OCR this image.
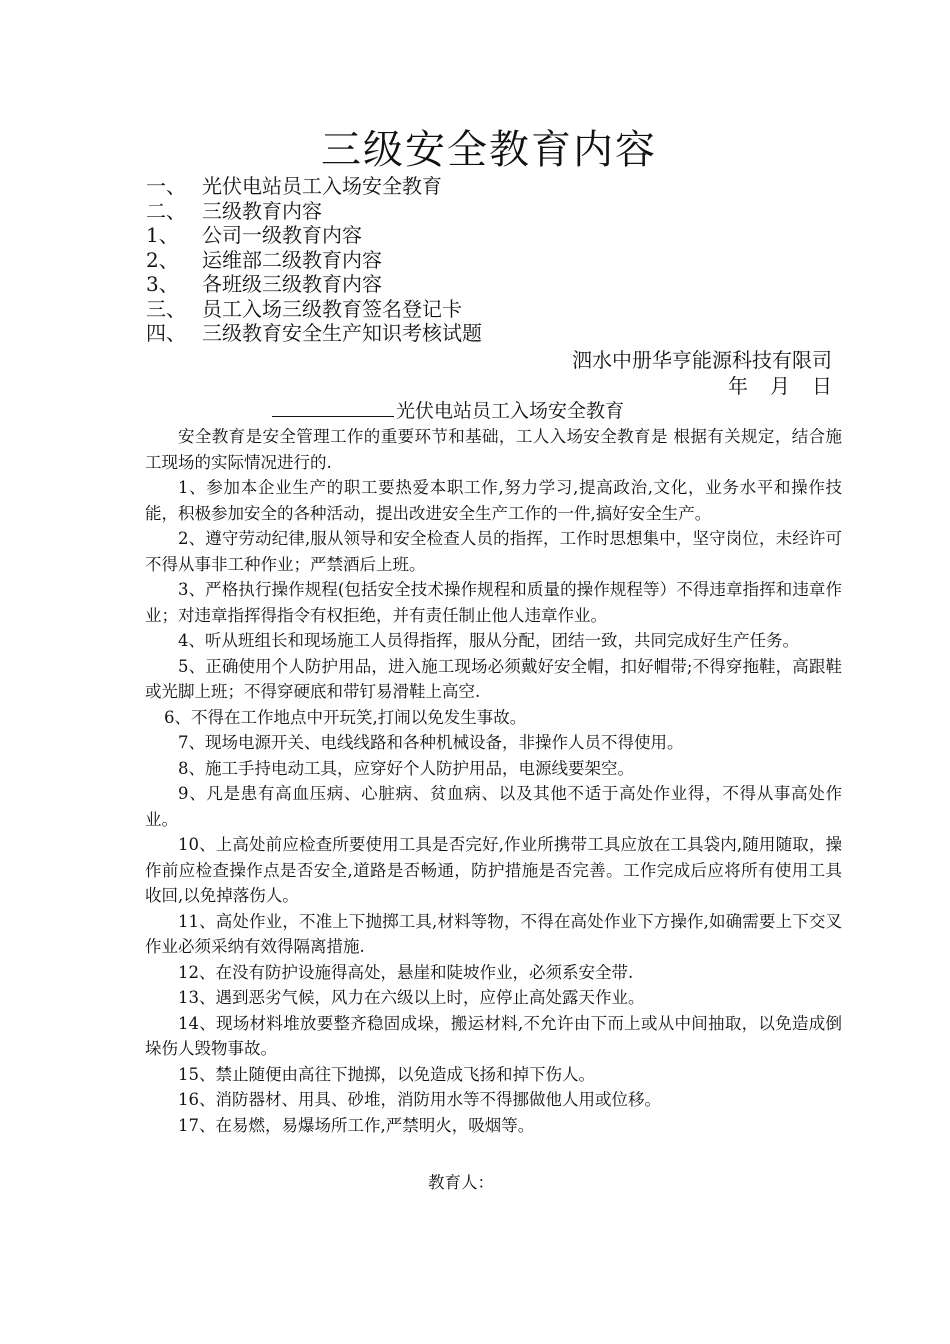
三级安全教育内容
一、 光伏电站员工入场安全教育
二、 三级教育内容
1、 公司一级教育内容
2、 运维部二级教育内容
3、 各班级三级教育内容
三、 员工入场三级教育签名登记卡
四、 三级教育安全生产知识考核试题
泗水中册华亨能源科技有限司
年 月 日
光伏电站员工入场安全教育

安全教育是安全管理工作的重要环节和基础，工人入场安全教育是 根据有关规定，结合施工现场的实际情况进行的.

1、参加本企业生产的职工要热爱本职工作,努力学习,提高政治,文化，业务水平和操作技能，积极参加安全的各种活动，提出改进安全生产工作的一件,搞好安全生产。

2、遵守劳动纪律,服从领导和安全检查人员的指挥，工作时思想集中，坚守岗位，未经许可不得从事非工种作业；严禁酒后上班。

3、严格执行操作规程(包括安全技术操作规程和质量的操作规程等）不得违章指挥和违章作业；对违章指挥得指令有权拒绝，并有责任制止他人违章作业。

4、听从班组长和现场施工人员得指挥，服从分配，团结一致，共同完成好生产任务。

5、正确使用个人防护用品，进入施工现场必须戴好安全帽，扣好帽带;不得穿拖鞋，高跟鞋或光脚上班；不得穿硬底和带钉易滑鞋上高空.

6、不得在工作地点中开玩笑,打闹以免发生事故。

7、现场电源开关、电线线路和各种机械设备，非操作人员不得使用。

8、施工手持电动工具，应穿好个人防护用品，电源线要架空。

9、凡是患有高血压病、心脏病、贫血病、以及其他不适于高处作业得，不得从事高处作业。

10、上高处前应检查所要使用工具是否完好,作业所携带工具应放在工具袋内,随用随取，操作前应检查操作点是否安全,道路是否畅通，防护措施是否完善。工作完成后应将所有使用工具收回,以免掉落伤人。

11、高处作业，不准上下抛掷工具,材料等物，不得在高处作业下方操作,如确需要上下交叉作业必须采纳有效得隔离措施.

12、在没有防护设施得高处，悬崖和陡坡作业，必须系安全带.

13、遇到恶劣气候，风力在六级以上时，应停止高处露天作业。

14、现场材料堆放要整齐稳固成垛，搬运材料,不允许由下而上或从中间抽取，以免造成倒垛伤人毁物事故。

15、禁止随便由高往下抛掷，以免造成飞扬和掉下伤人。

16、消防器材、用具、砂堆，消防用水等不得挪做他人用或位移。

17、在易燃，易爆场所工作,严禁明火，吸烟等。

教育人：
